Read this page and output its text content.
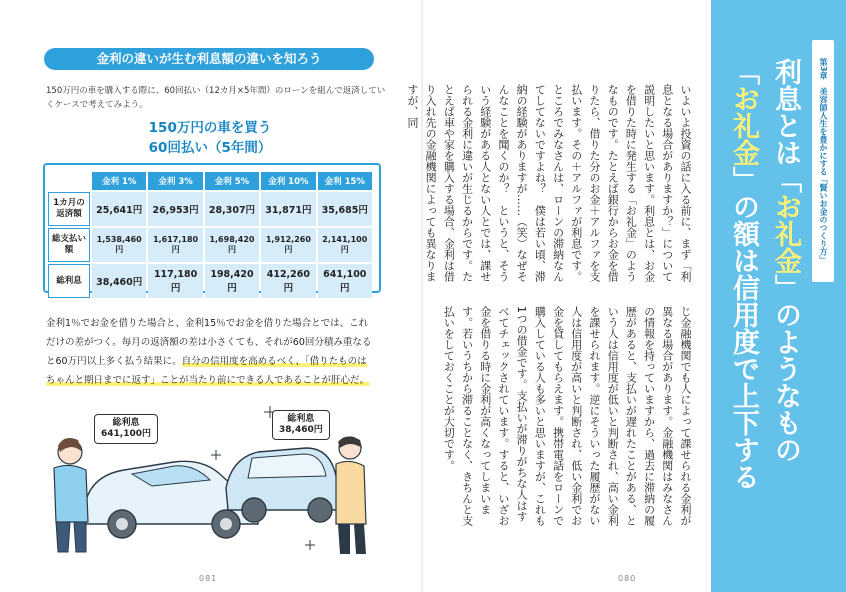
金利の違いが生む利息額の違いを知ろう
150万円の車を購入する際に、60回払い（12カ月×5年間）のローンを組んで返済していくケースで考えてみよう。
150万円の車を買う
60回払い（5年間）
	金利 1%	金利 3%	金利 5%	金利 10%	金利 15%
1カ月の返済額	25,641円	26,953円	28,307円	31,871円	35,685円
総支払い額	1,538,460円	1,617,180円	1,698,420円	1,912,260円	2,141,100円
総利息	38,460円	117,180円	198,420円	412,260円	641,100円
金利1％でお金を借りた場合と、金利15％でお金を借りた場合とでは、これだけの差がつく。毎月の返済額の差は小さくても、それが60回分積み重なると60万円以上多く払う結果に。自分の信用度を高めるべく、「借りたものはちゃんと期日までに返す」ことが当たり前にできる人であることが肝心だ。
総利息
641,100円
総利息
38,460円
081
いよいよ投資の話に入る前に、まず「利息となる場合がありますか？」について説明したいと思います。利息とは、お金を借りた時に発生する「お礼金」のようなものです。たとえば銀行からお金を借りたら、借りた分のお金＋アルファを支払います。その＋アルファが利息です。ところでみなさんは、ローンの滞納なんてしてないですよね？　僕は若い頃、滞納の経験がありますが……（笑）なぜそんなことを聞くのか？　というと、そういう経験がある人とない人とでは、課せられる金利に違いが生じるからです。たとえば車や家を購入する場合、金利は借り入れ先の金融機関によっても異なりますが、同
じ金融機関でも人によって課せられる金利が異なる場合があります。金融機関はみなさんの情報を持っていますから、過去に滞納の履歴があると、支払いが遅れたことがある、という人は信用度が低いと判断され、高い金利を課せられます。逆にそういった履歴がない人は信用度が高いと判断され、低い金利でお金を貸してもらえます。携帯電話をローンで購入している人も多いと思いますが、これも1つの借金です。支払いが滞りがちな人はすべてチェックされています。すると、いざお金を借りる時に金利が高くなってしまいます。若いうちから滞ることなく、きちんと支払いをしておくことが大切です。
080
第3章　美容師人生を豊かにする「賢いお金のつくり方」
利息とは「お礼金」のようなもの「お礼金」の額は信用度で上下する
